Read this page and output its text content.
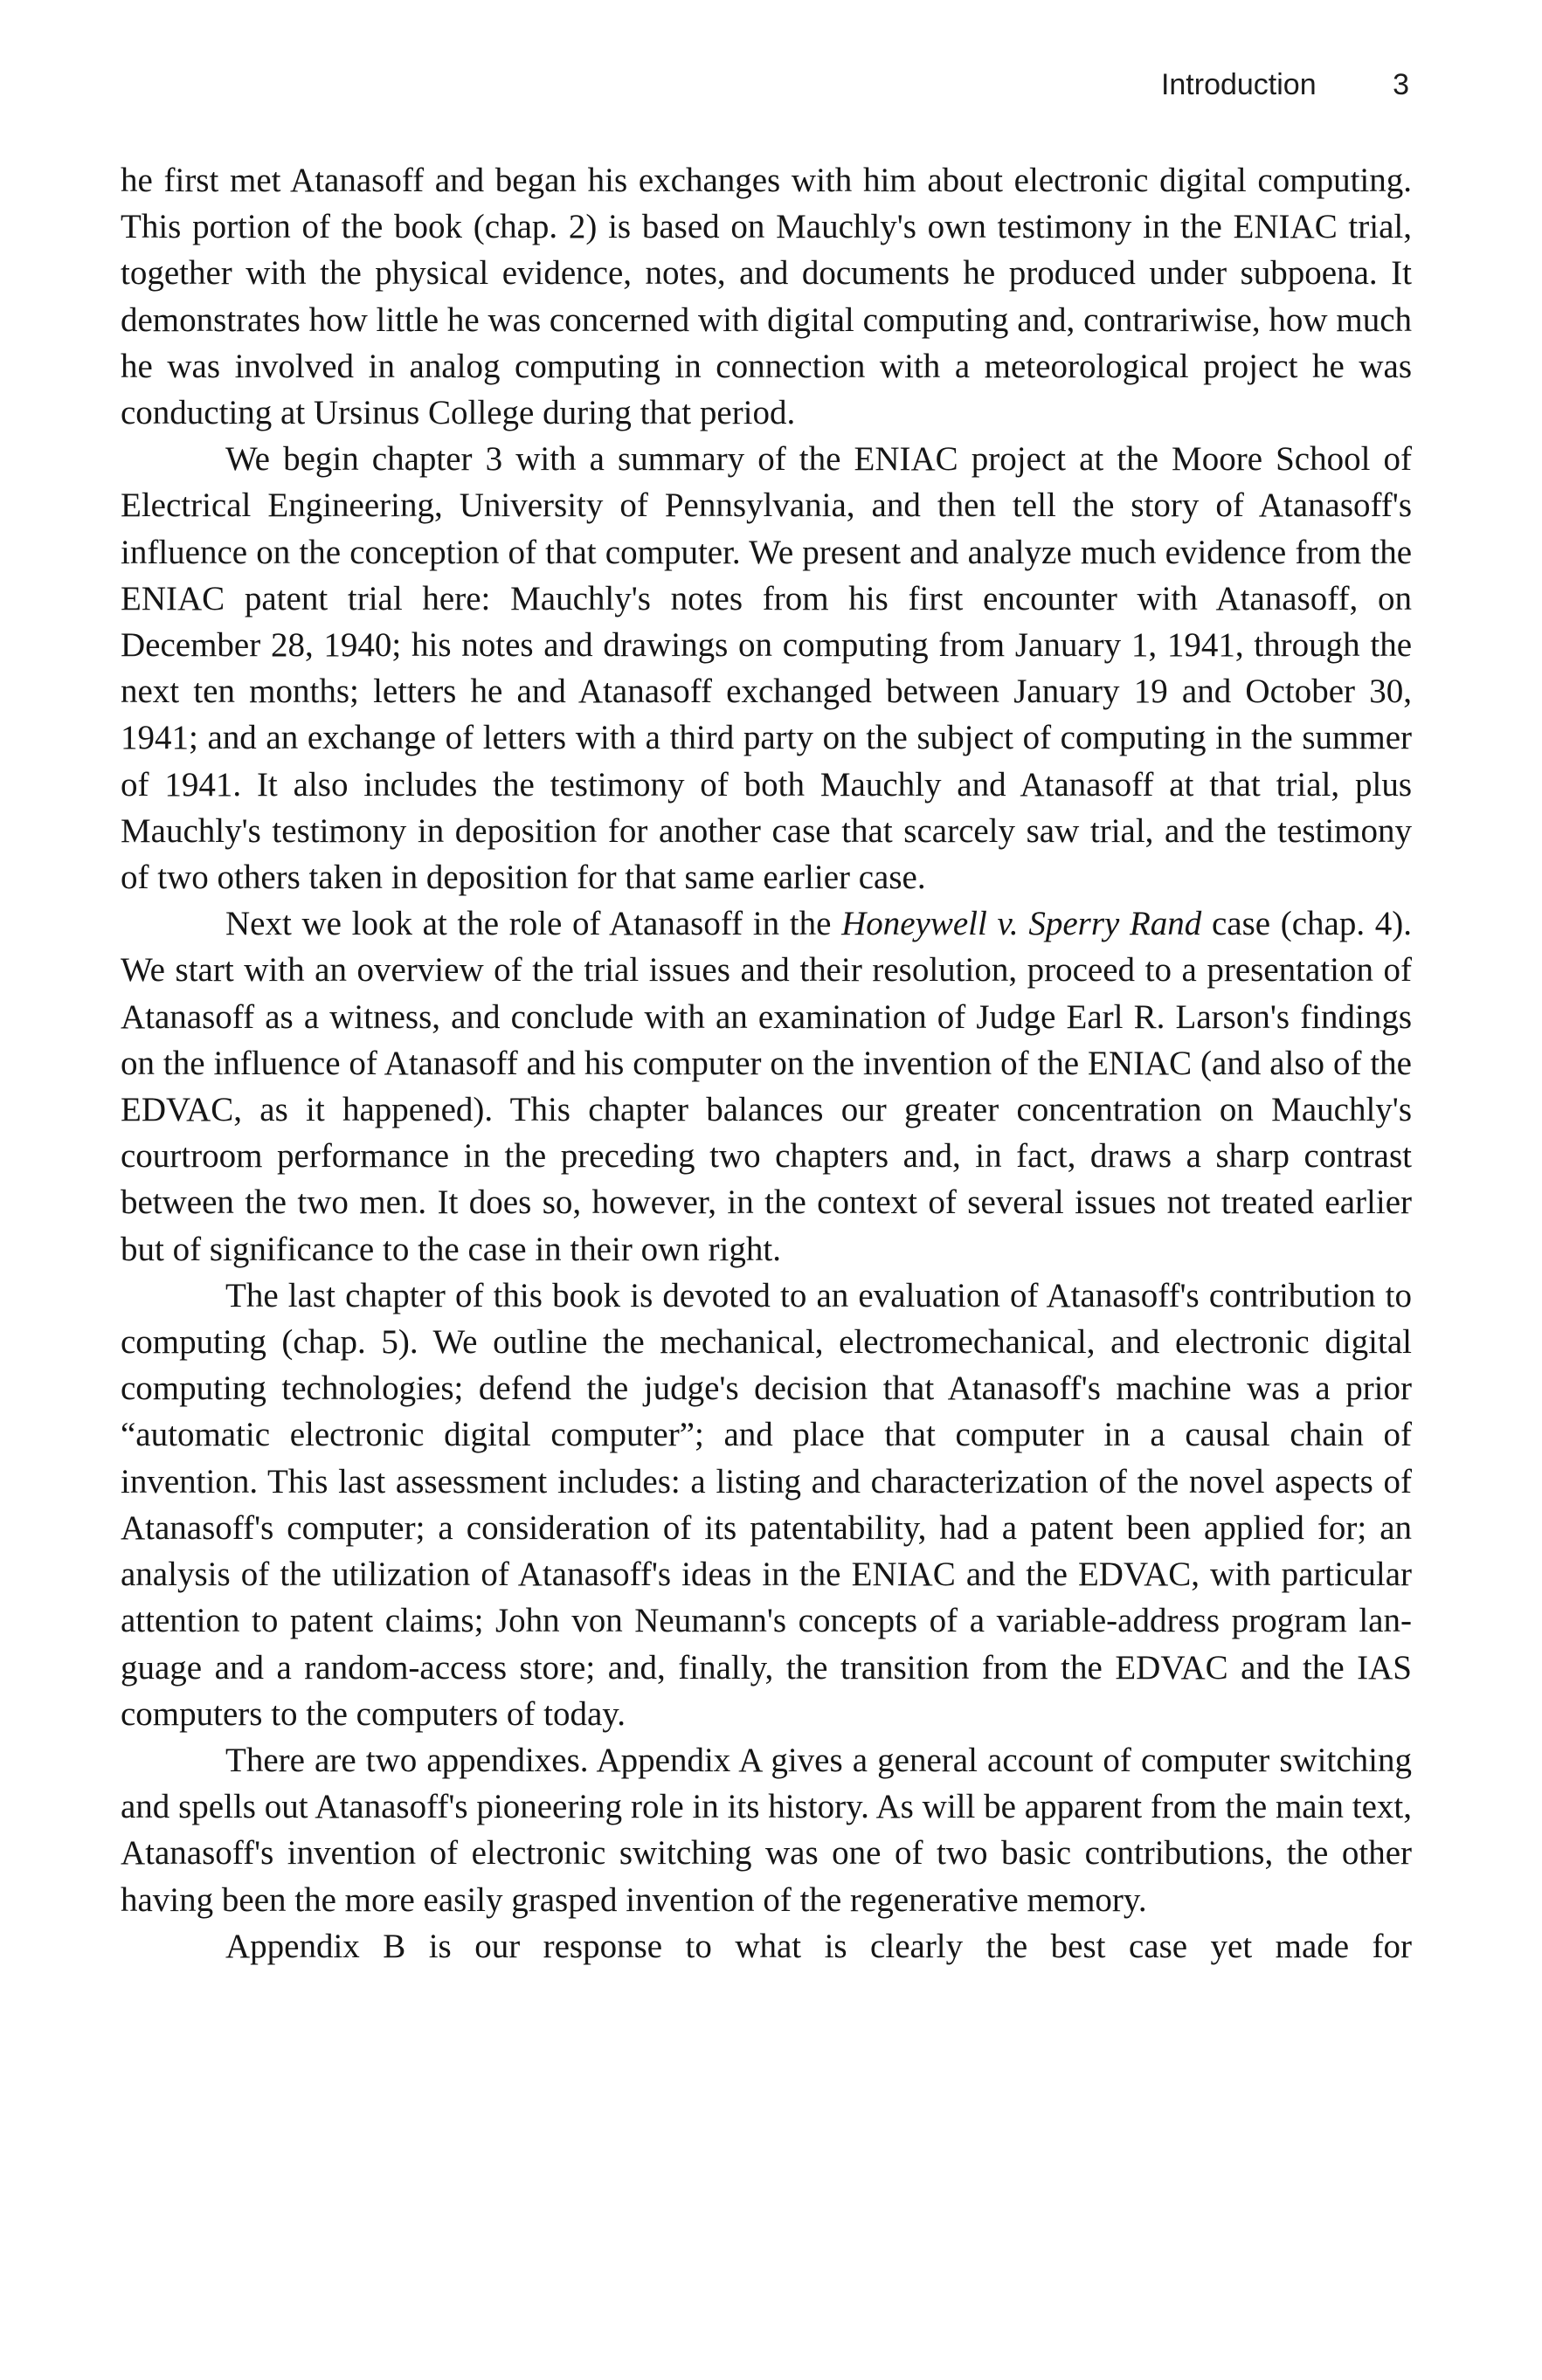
Introduction	3

he first met Atanasoff and began his exchanges with him about electronic digital computing. This portion of the book (chap. 2) is based on Mauchly's own testimony in the ENIAC trial, together with the physical evidence, notes, and documents he produced under subpoena. It demonstrates how little he was concerned with digital computing and, contrariwise, how much he was involved in analog computing in connection with a meteorological project he was conducting at Ursinus College during that period.

We begin chapter 3 with a summary of the ENIAC project at the Moore School of Electrical Engineering, University of Pennsylvania, and then tell the story of Atanasoff's influence on the conception of that computer. We present and analyze much evidence from the ENIAC patent trial here: Mauchly's notes from his first encounter with Atanasoff, on December 28, 1940; his notes and drawings on computing from January 1, 1941, through the next ten months; letters he and Atanasoff exchanged between January 19 and October 30, 1941; and an exchange of letters with a third party on the subject of computing in the summer of 1941. It also includes the testimony of both Mauchly and Atanasoff at that trial, plus Mauchly's testimony in deposition for another case that scarcely saw trial, and the testimony of two others taken in deposition for that same earlier case.

Next we look at the role of Atanasoff in the Honeywell v. Sperry Rand case (chap. 4). We start with an overview of the trial issues and their resolution, proceed to a presentation of Atanasoff as a witness, and conclude with an examination of Judge Earl R. Larson's findings on the influence of Atanasoff and his computer on the invention of the ENIAC (and also of the EDVAC, as it happened). This chapter balances our greater concentration on Mauchly's courtroom performance in the preceding two chapters and, in fact, draws a sharp contrast between the two men. It does so, however, in the context of several issues not treated earlier but of significance to the case in their own right.

The last chapter of this book is devoted to an evaluation of Atanasoff's contribution to computing (chap. 5). We outline the mechanical, electromechanical, and electronic digital computing technologies; defend the judge's decision that Atanasoff's machine was a prior “automatic electronic digital computer”; and place that computer in a causal chain of invention. This last assessment includes: a listing and characterization of the novel aspects of Atanasoff's computer; a consideration of its patentability, had a patent been applied for; an analysis of the utilization of Atanasoff's ideas in the ENIAC and the EDVAC, with particular attention to patent claims; John von Neumann's concepts of a variable-address program language and a random-access store; and, finally, the transition from the EDVAC and the IAS computers to the computers of today.

There are two appendixes. Appendix A gives a general account of computer switching and spells out Atanasoff's pioneering role in its history. As will be apparent from the main text, Atanasoff's invention of electronic switching was one of two basic contributions, the other having been the more easily grasped invention of the regenerative memory.

Appendix B is our response to what is clearly the best case yet made for
